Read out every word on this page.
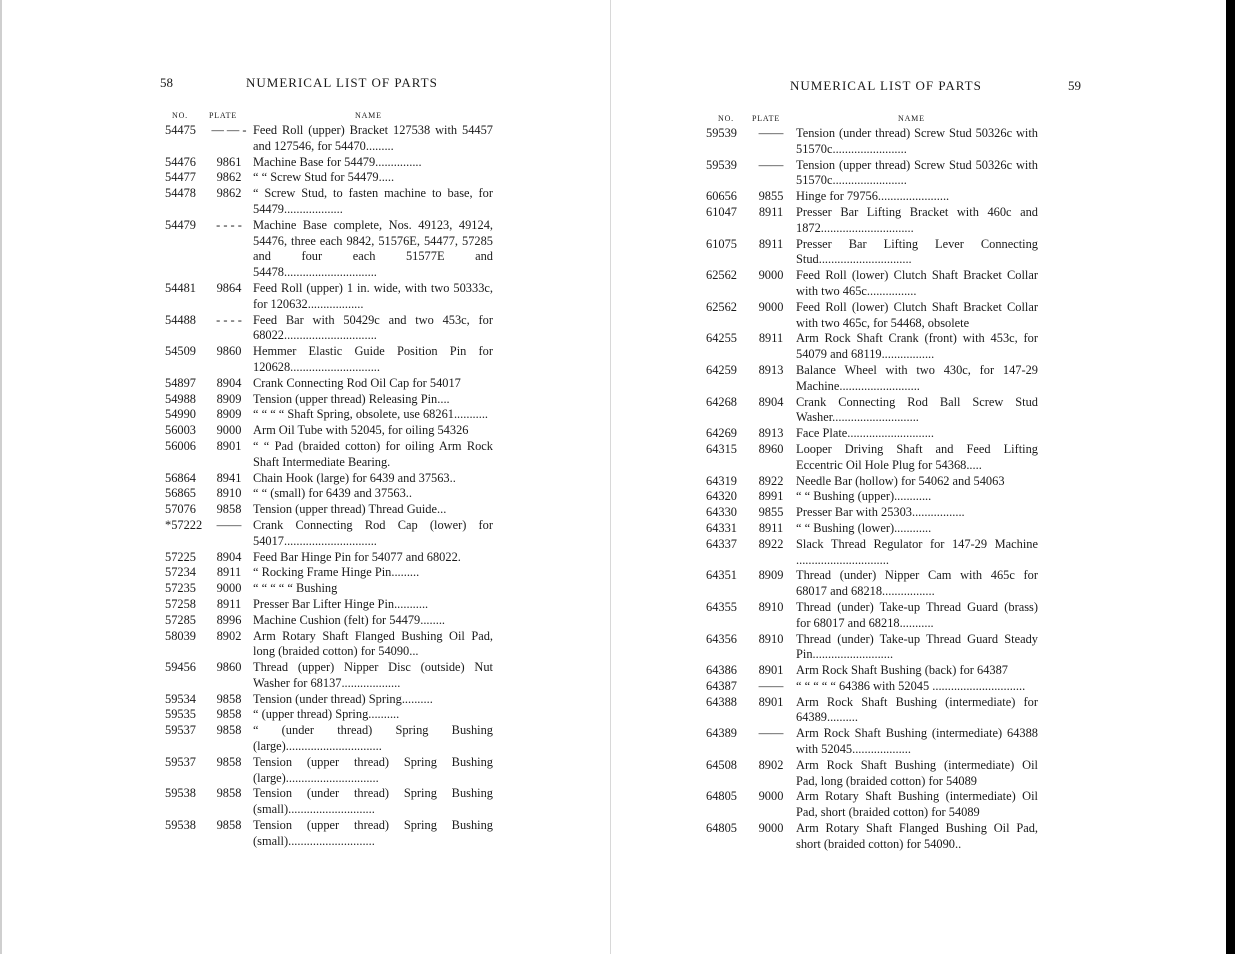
58	NUMERICAL LIST OF PARTS
NO.	PLATE	NAME
54475	— — - Feed Roll (upper) Bracket 127538 with 54457 and 127546, for 54470.........
54476	9861 Machine Base for 54479...............
54477	9862 “ “ Screw Stud for 54479.....
54478	9862 “ Screw Stud, to fasten machine to base, for 54479...................
54479	- - - - Machine Base complete, Nos. 49123, 49124, 54476, three each 9842, 51576E, 54477, 57285 and four each 51577E and 54478..............................
54481	9864 Feed Roll (upper) 1 in. wide, with two 50333c, for 120632..................
54488	- - - - Feed Bar with 50429c and two 453c, for 68022..............................
54509	9860 Hemmer Elastic Guide Position Pin for 120628.............................
54897	8904 Crank Connecting Rod Oil Cap for 54017
54988	8909 Tension (upper thread) Releasing Pin....
54990	8909 “ “ “ “ Shaft Spring, obsolete, use 68261...........
56003	9000 Arm Oil Tube with 52045, for oiling 54326
56006	8901 “ “ Pad (braided cotton) for oiling Arm Rock Shaft Intermediate Bearing.
56864	8941 Chain Hook (large) for 6439 and 37563..
56865	8910 “ “ (small) for 6439 and 37563..
57076	9858 Tension (upper thread) Thread Guide...
*57222	—— Crank Connecting Rod Cap (lower) for 54017..............................
57225	8904 Feed Bar Hinge Pin for 54077 and 68022.
57234	8911 “ Rocking Frame Hinge Pin.........
57235	9000 “ “ “ “ “ Bushing
57258	8911 Presser Bar Lifter Hinge Pin...........
57285	8996 Machine Cushion (felt) for 54479........
58039	8902 Arm Rotary Shaft Flanged Bushing Oil Pad, long (braided cotton) for 54090...
59456	9860 Thread (upper) Nipper Disc (outside) Nut Washer for 68137...................
59534	9858 Tension (under thread) Spring..........
59535	9858 “ (upper thread) Spring..........
59537	9858 “ (under thread) Spring Bushing (large)...............................
59537	9858 Tension (upper thread) Spring Bushing (large)..............................
59538	9858 Tension (under thread) Spring Bushing (small)............................
59538	9858 Tension (upper thread) Spring Bushing (small)............................
NUMERICAL LIST OF PARTS	59
NO. PLATE	NAME
59539	——	Tension (under thread) Screw Stud 50326c with 51570c........................
59539	——	Tension (upper thread) Screw Stud 50326c with 51570c........................
60656	9855	Hinge for 79756.......................
61047	8911	Presser Bar Lifting Bracket with 460c and 1872..............................
61075	8911	Presser Bar Lifting Lever Connecting Stud..............................
62562	9000	Feed Roll (lower) Clutch Shaft Bracket Collar with two 465c................
62562	9000	Feed Roll (lower) Clutch Shaft Bracket Collar with two 465c, for 54468, obsolete
64255	8911	Arm Rock Shaft Crank (front) with 453c, for 54079 and 68119.................
64259	8913	Balance Wheel with two 430c, for 147-29 Machine..........................
64268	8904	Crank Connecting Rod Ball Screw Stud Washer............................
64269	8913	Face Plate............................
64315	8960	Looper Driving Shaft and Feed Lifting Eccentric Oil Hole Plug for 54368.....
64319	8922	Needle Bar (hollow) for 54062 and 54063
64320	8991	“ “ Bushing (upper)............
64330	9855	Presser Bar with 25303.................
64331	8911	“ “ Bushing (lower)............
64337	8922	Slack Thread Regulator for 147-29 Machine ..............................
64351	8909	Thread (under) Nipper Cam with 465c for 68017 and 68218.................
64355	8910	Thread (under) Take-up Thread Guard (brass) for 68017 and 68218...........
64356	8910	Thread (under) Take-up Thread Guard Steady Pin..........................
64386	8901	Arm Rock Shaft Bushing (back) for 64387
64387	——	“ “ “ “ “ 64386 with 52045 ..............................
64388	8901	Arm Rock Shaft Bushing (intermediate) for 64389..........
64389	——	Arm Rock Shaft Bushing (intermediate) 64388 with 52045...................
64508	8902	Arm Rock Shaft Bushing (intermediate) Oil Pad, long (braided cotton) for 54089
64805	9000	Arm Rotary Shaft Bushing (intermediate) Oil Pad, short (braided cotton) for 54089
64805	9000	Arm Rotary Shaft Flanged Bushing Oil Pad, short (braided cotton) for 54090..
